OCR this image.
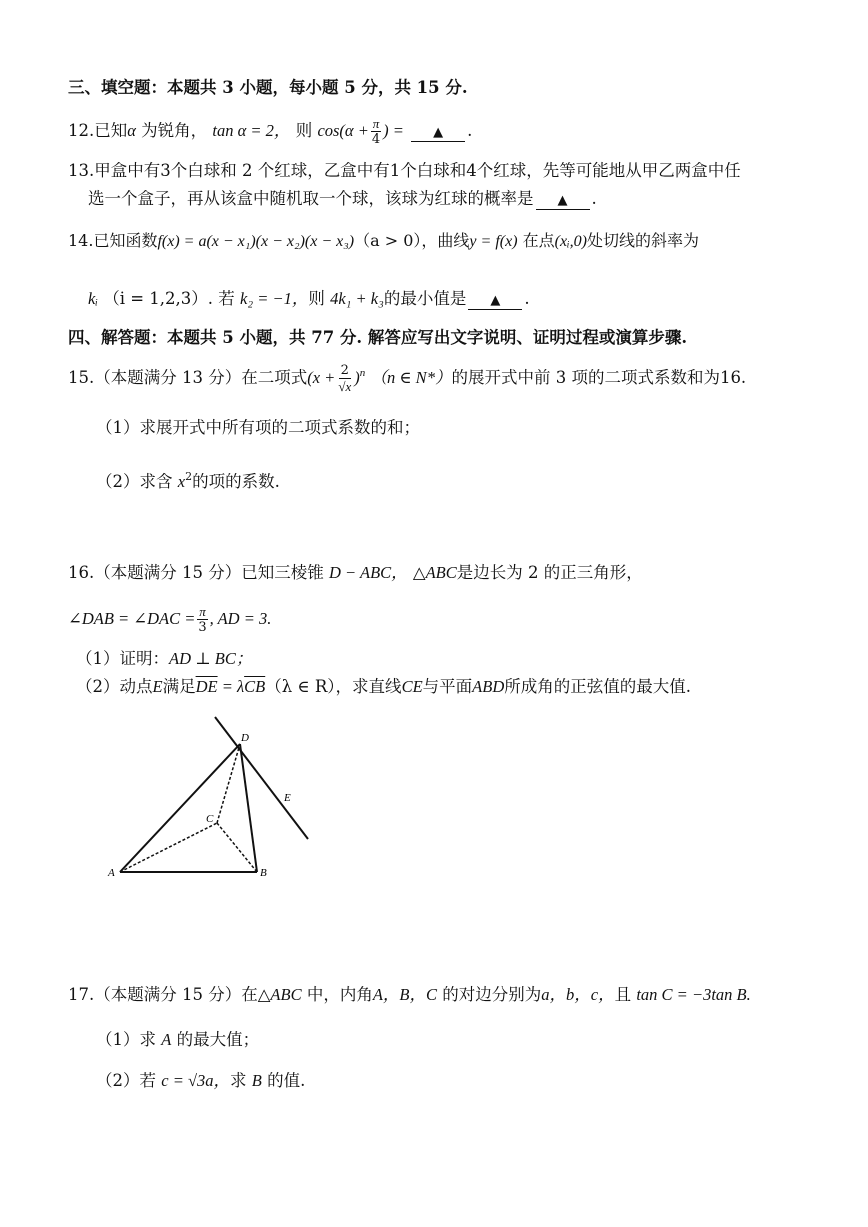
三、填空题：本题共 3 小题，每小题 5 分，共 15 分.
12.已知α 为锐角， tan α = 2， 则 $\cos(\alpha + \frac{\pi}{4}$ ) = ▲ .
13.甲盒中有3个白球和 2 个红球，乙盒中有1个白球和4个红球，先等可能地从甲乙两盒中任
选一个盒子，再从该盒中随机取一个球，该球为红球的概率是 ▲ .
14.已知函数f(x) = a(x − x₁)(x − x₂)(x − x₃)（a > 0），曲线y = f(x) 在点(xᵢ,0)处切线的斜率为
kᵢ （i = 1,2,3）. 若 k₂ = −1，则 4k₁ + k₃的最小值是 ▲ .
四、解答题：本题共 5 小题，共 77 分. 解答应写出文字说明、证明过程或演算步骤.
15.（本题满分 13 分）在二项式$(x + \frac{2}{√x} )^n$ （n ∈ N*）的展开式中前 3 项的二项式系数和为16.
（1）求展开式中所有项的二项式系数的和；
（2）求含 $x^2$的项的系数.
16.（本题满分 15 分）已知三棱锥 D − ABC， △ABC是边长为 2 的正三角形，
∠DAB = ∠DAC = $\frac{\pi}{3}$ , AD = 3.
（1）证明：AD ⊥ BC；
（2）动点E满足$\overline{DE} = \lambda\overline{CB}(\lambda$ ∈ R），求直线CE与平面ABD所成角的正弦值的最大值.
A	B
C
D
E
17.（本题满分 15 分）在△ABC 中，内角A，B，C 的对边分别为a，b，c，且 tan C = −3tan B.
（1）求 A 的最大值；
（2）若 c = √3a，求 B 的值.
